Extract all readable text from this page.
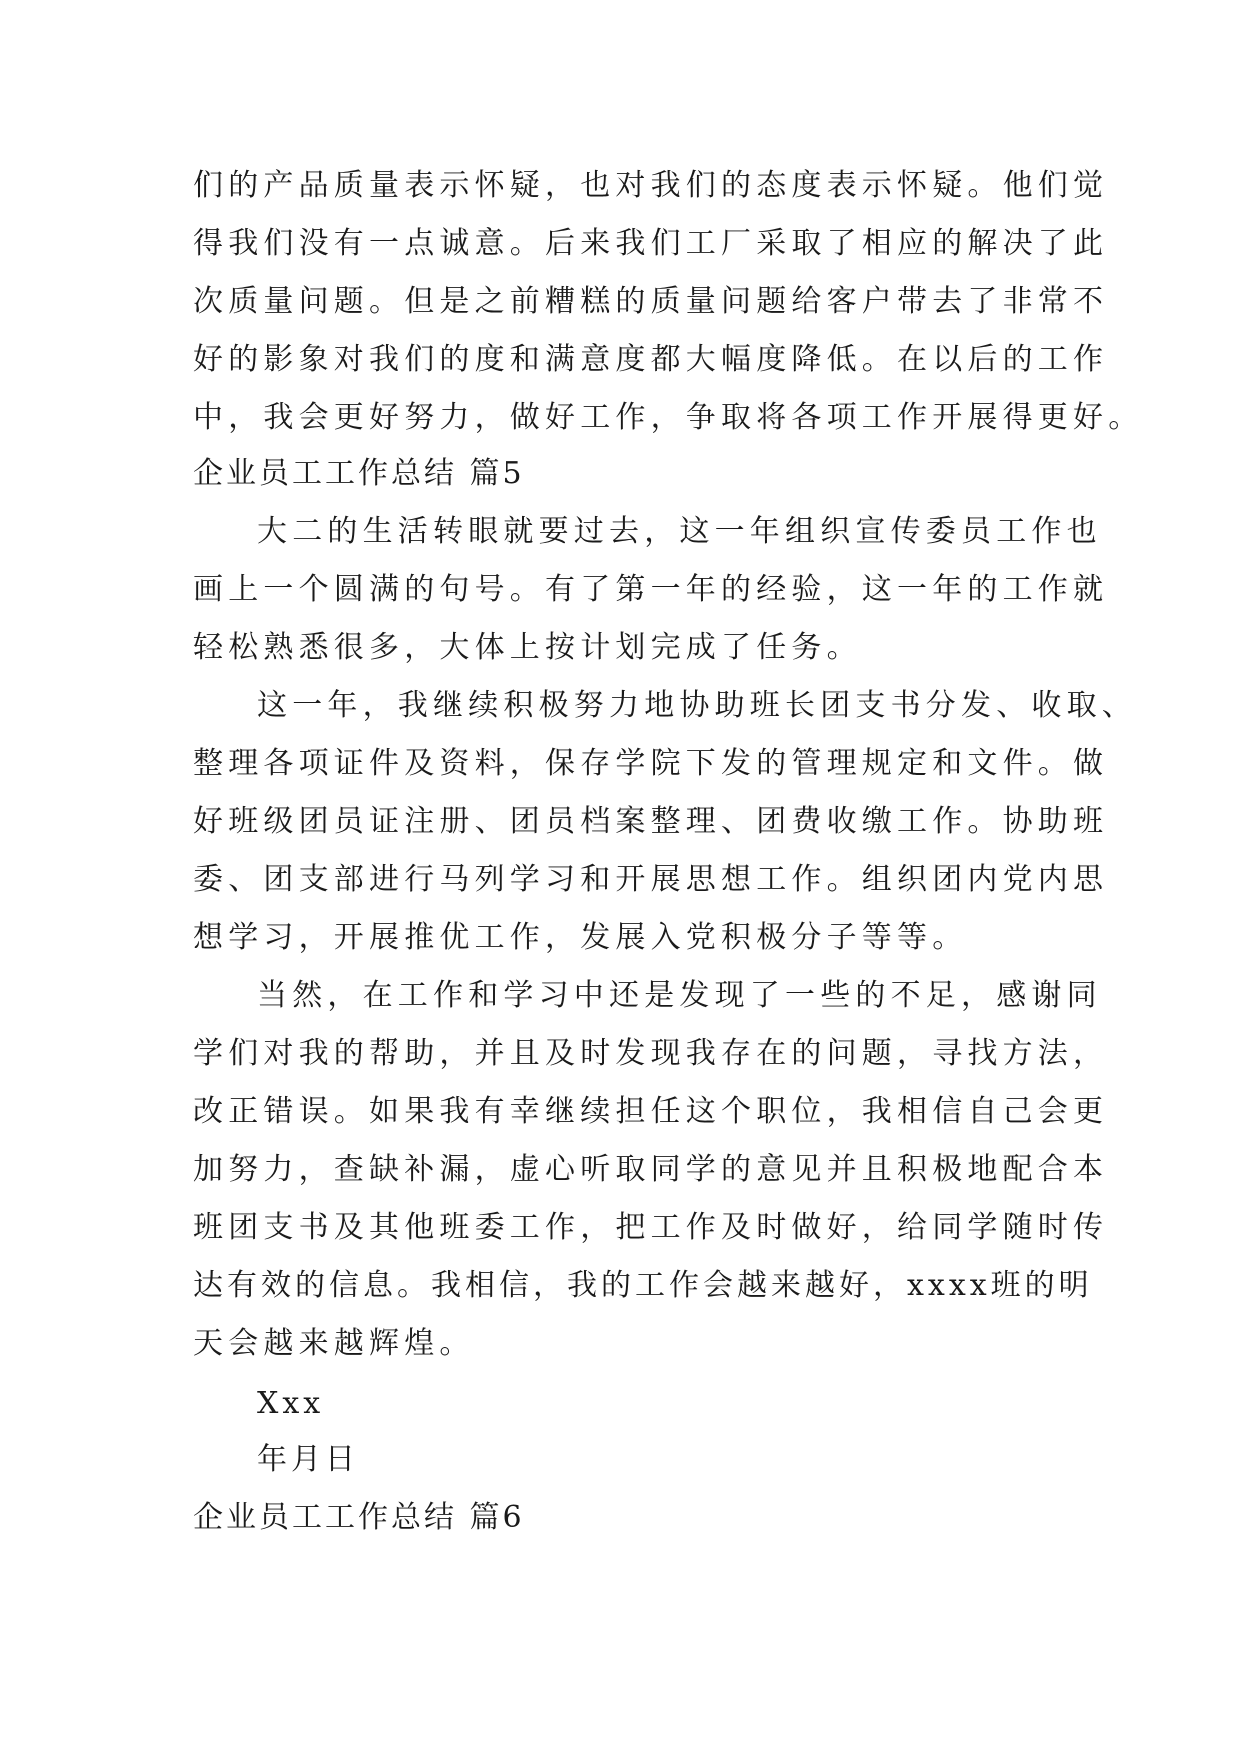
们的产品质量表示怀疑，也对我们的态度表示怀疑。他们觉
得我们没有一点诚意。后来我们工厂采取了相应的解决了此
次质量问题。但是之前糟糕的质量问题给客户带去了非常不
好的影象对我们的度和满意度都大幅度降低。在以后的工作
中，我会更好努力，做好工作，争取将各项工作开展得更好。
企业员工工作总结 篇5
大二的生活转眼就要过去，这一年组织宣传委员工作也
画上一个圆满的句号。有了第一年的经验，这一年的工作就
轻松熟悉很多，大体上按计划完成了任务。
这一年，我继续积极努力地协助班长团支书分发、收取、
整理各项证件及资料，保存学院下发的管理规定和文件。做
好班级团员证注册、团员档案整理、团费收缴工作。协助班
委、团支部进行马列学习和开展思想工作。组织团内党内思
想学习，开展推优工作，发展入党积极分子等等。
当然，在工作和学习中还是发现了一些的不足，感谢同
学们对我的帮助，并且及时发现我存在的问题，寻找方法，
改正错误。如果我有幸继续担任这个职位，我相信自己会更
加努力，查缺补漏，虚心听取同学的意见并且积极地配合本
班团支书及其他班委工作，把工作及时做好，给同学随时传
达有效的信息。我相信，我的工作会越来越好，xxxx班的明
天会越来越辉煌。
Xxx
年月日
企业员工工作总结 篇6
